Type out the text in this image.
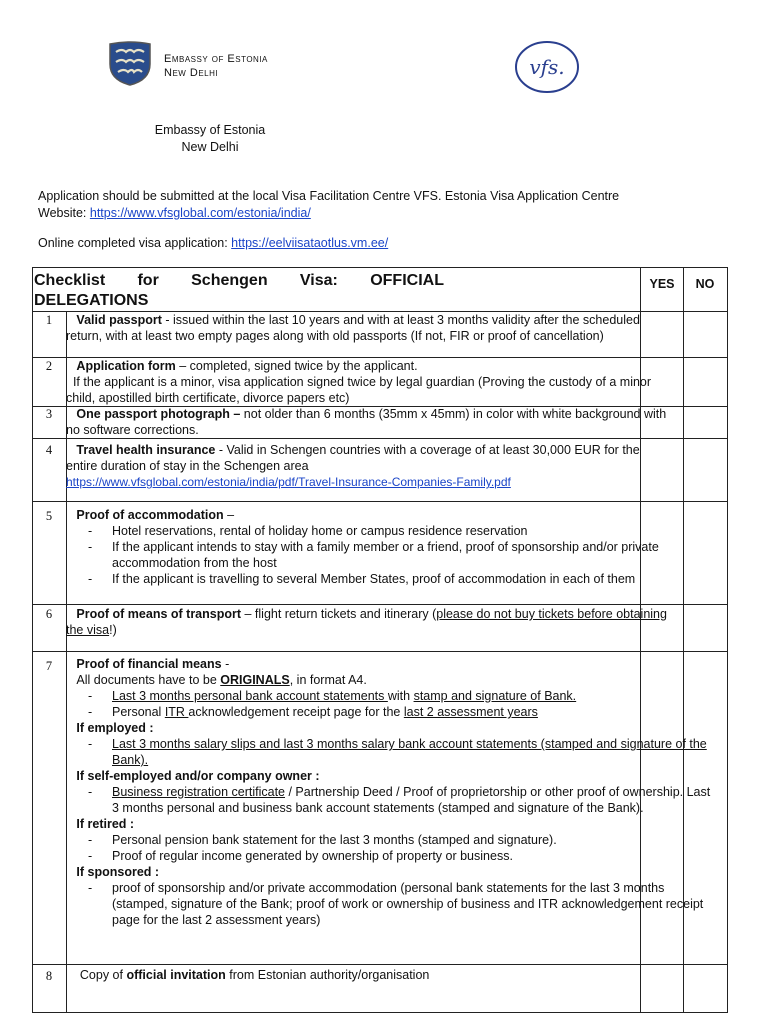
Embassy of Estonia
New Delhi	vfs.
Embassy of Estonia
New Delhi
Application should be submitted at the local Visa Facilitation Centre VFS. Estonia Visa Application Centre
Website: https://www.vfsglobal.com/estonia/india/
Online completed visa application: https://eelviisataotlus.vm.ee/
Checklist for Schengen Visa: OFFICIAL
DELEGATIONS
YES	NO
1	Valid passport - issued within the last 10 years and with at least 3 months validity after the scheduled return, with at least two empty pages along with old passports (If not, FIR or proof of cancellation)
2	Application form – completed, signed twice by the applicant.
If the applicant is a minor, visa application signed twice by legal guardian (Proving the custody of a minor child, apostilled birth certificate, divorce papers etc)
3	One passport photograph – not older than 6 months (35mm x 45mm) in color with white background with no software corrections.
4	Travel health insurance - Valid in Schengen countries with a coverage of at least 30,000 EUR for the entire duration of stay in the Schengen area
https://www.vfsglobal.com/estonia/india/pdf/Travel-Insurance-Companies-Family.pdf
5	Proof of accommodation –
- Hotel reservations, rental of holiday home or campus residence reservation
- If the applicant intends to stay with a family member or a friend, proof of sponsorship and/or private accommodation from the host
- If the applicant is travelling to several Member States, proof of accommodation in each of them
6	Proof of means of transport – flight return tickets and itinerary (please do not buy tickets before obtaining the visa!)
7	Proof of financial means -
All documents have to be ORIGINALS, in format A4.
- Last 3 months personal bank account statements with stamp and signature of Bank.
- Personal ITR acknowledgement receipt page for the last 2 assessment years
If employed :
- Last 3 months salary slips and last 3 months salary bank account statements (stamped and signature of the Bank).
If self-employed and/or company owner :
- Business registration certificate / Partnership Deed / Proof of proprietorship or other proof of ownership. Last 3 months personal and business bank account statements (stamped and signature of the Bank).
If retired :
- Personal pension bank statement for the last 3 months (stamped and signature).
- Proof of regular income generated by ownership of property or business.
If sponsored :
- proof of sponsorship and/or private accommodation (personal bank statements for the last 3 months (stamped, signature of the Bank; proof of work or ownership of business and ITR acknowledgement receipt page for the last 2 assessment years)
8	Copy of official invitation from Estonian authority/organisation
